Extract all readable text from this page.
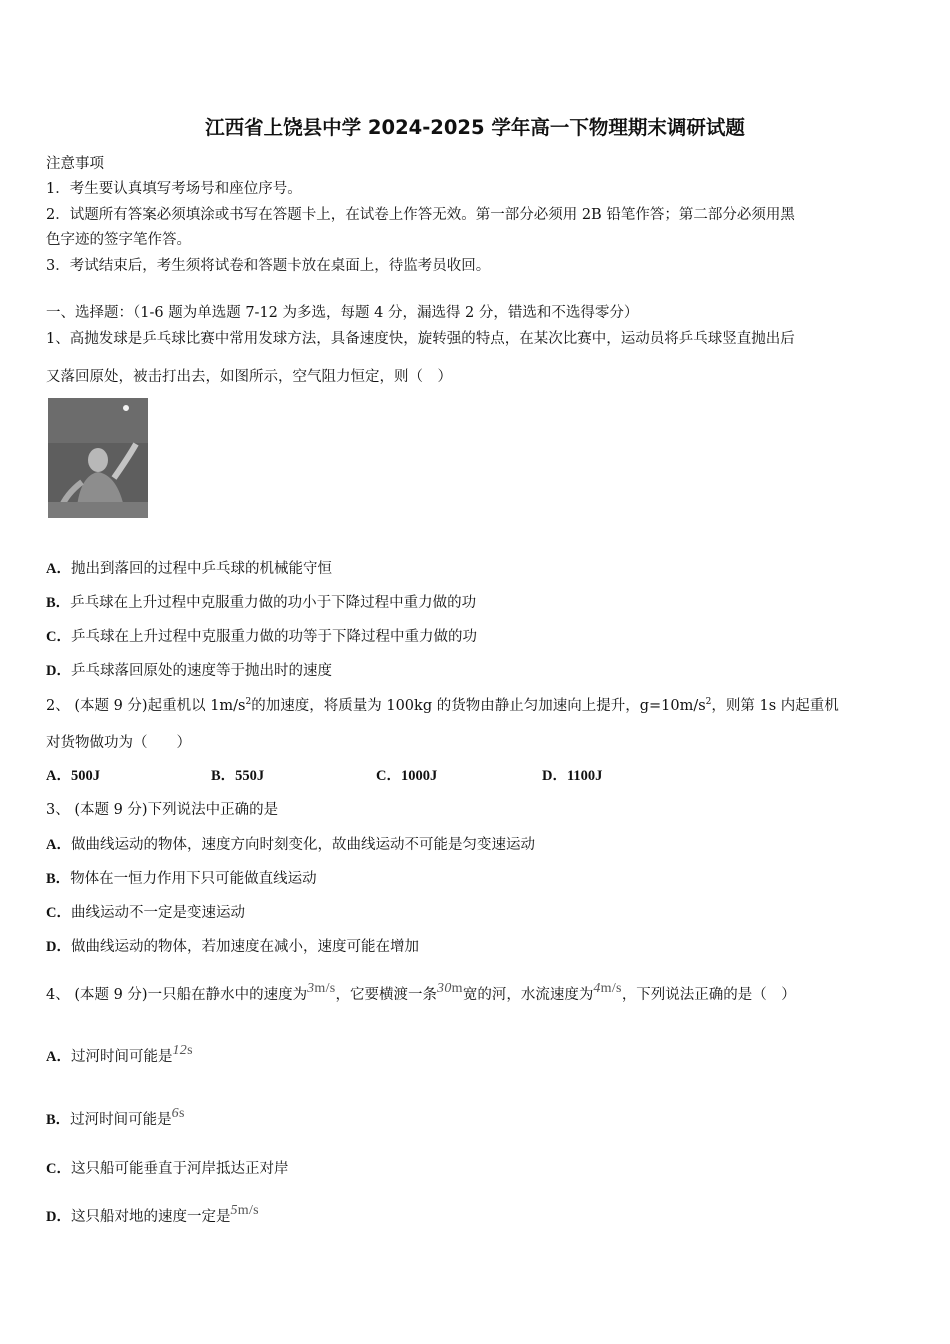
江西省上饶县中学 2024-2025 学年高一下物理期末调研试题
注意事项
1．考生要认真填写考场号和座位序号。
2．试题所有答案必须填涂或书写在答题卡上，在试卷上作答无效。第一部分必须用 2B 铅笔作答；第二部分必须用黑
色字迹的签字笔作答。
3．考试结束后，考生须将试卷和答题卡放在桌面上，待监考员收回。
一、选择题：（1-6 题为单选题 7-12 为多选，每题 4 分，漏选得 2 分，错选和不选得零分）
1、高抛发球是乒乓球比赛中常用发球方法，具备速度快，旋转强的特点，在某次比赛中，运动员将乒乓球竖直抛出后
又落回原处，被击打出去，如图所示，空气阻力恒定，则（　）
A．抛出到落回的过程中乒乓球的机械能守恒
B．乒乓球在上升过程中克服重力做的功小于下降过程中重力做的功
C．乒乓球在上升过程中克服重力做的功等于下降过程中重力做的功
D．乒乓球落回原处的速度等于抛出时的速度
2、 (本题 9 分)起重机以 $1m/s^2$的加速度，将质量为 100kg 的货物由静止匀加速向上提升，$g=10m/s^2$，则第 1s 内起重机
对货物做功为（　　）
A．500J	B．550J	C．1000J	D．1100J
3、 (本题 9 分)下列说法中正确的是
A．做曲线运动的物体，速度方向时刻变化，故曲线运动不可能是匀变速运动
B．物体在一恒力作用下只可能做直线运动
C．曲线运动不一定是变速运动
D．做曲线运动的物体，若加速度在减小，速度可能在增加
4、 (本题 9 分)一只船在静水中的速度为3m/s，它要横渡一条30m宽的河，水流速度为4m/s，下列说法正确的是（　）
A．过河时间可能是12s
B．过河时间可能是6s
C．这只船可能垂直于河岸抵达正对岸
D．这只船对地的速度一定是5m/s
